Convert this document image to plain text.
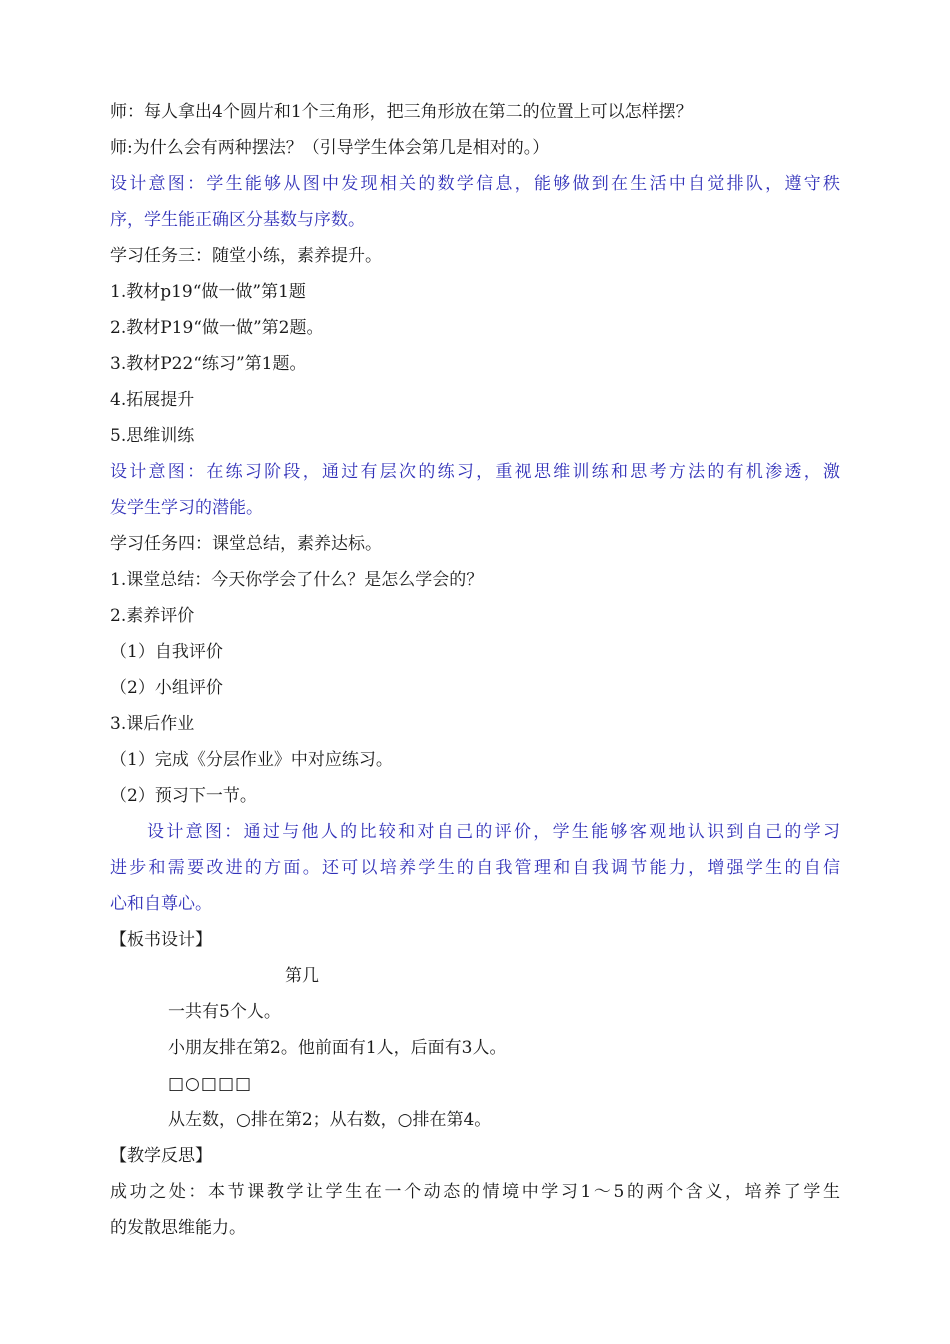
师：每人拿出4个圆片和1个三角形，把三角形放在第二的位置上可以怎样摆？
师:为什么会有两种摆法？（引导学生体会第几是相对的。）
设计意图：学生能够从图中发现相关的数学信息，能够做到在生活中自觉排队，遵守秩
序，学生能正确区分基数与序数。
学习任务三：随堂小练，素养提升。
1.教材p19“做一做”第1题
2.教材P19“做一做”第2题。
3.教材P22“练习”第1题。
4.拓展提升
5.思维训练
设计意图：在练习阶段，通过有层次的练习，重视思维训练和思考方法的有机渗透，激
发学生学习的潜能。
学习任务四：课堂总结，素养达标。
1.课堂总结：今天你学会了什么？是怎么学会的？
2.素养评价
（1）自我评价
（2）小组评价
3.课后作业
（1）完成《分层作业》中对应练习。
（2）预习下一节。
设计意图：通过与他人的比较和对自己的评价，学生能够客观地认识到自己的学习
进步和需要改进的方面。还可以培养学生的自我管理和自我调节能力，增强学生的自信
心和自尊心。
【板书设计】
第几
一共有5个人。
小朋友排在第2。他前面有1人，后面有3人。
□○□□□
从左数，○排在第2；从右数，○排在第4。
【教学反思】
成功之处：本节课教学让学生在一个动态的情境中学习1～5的两个含义，培养了学生
的发散思维能力。
